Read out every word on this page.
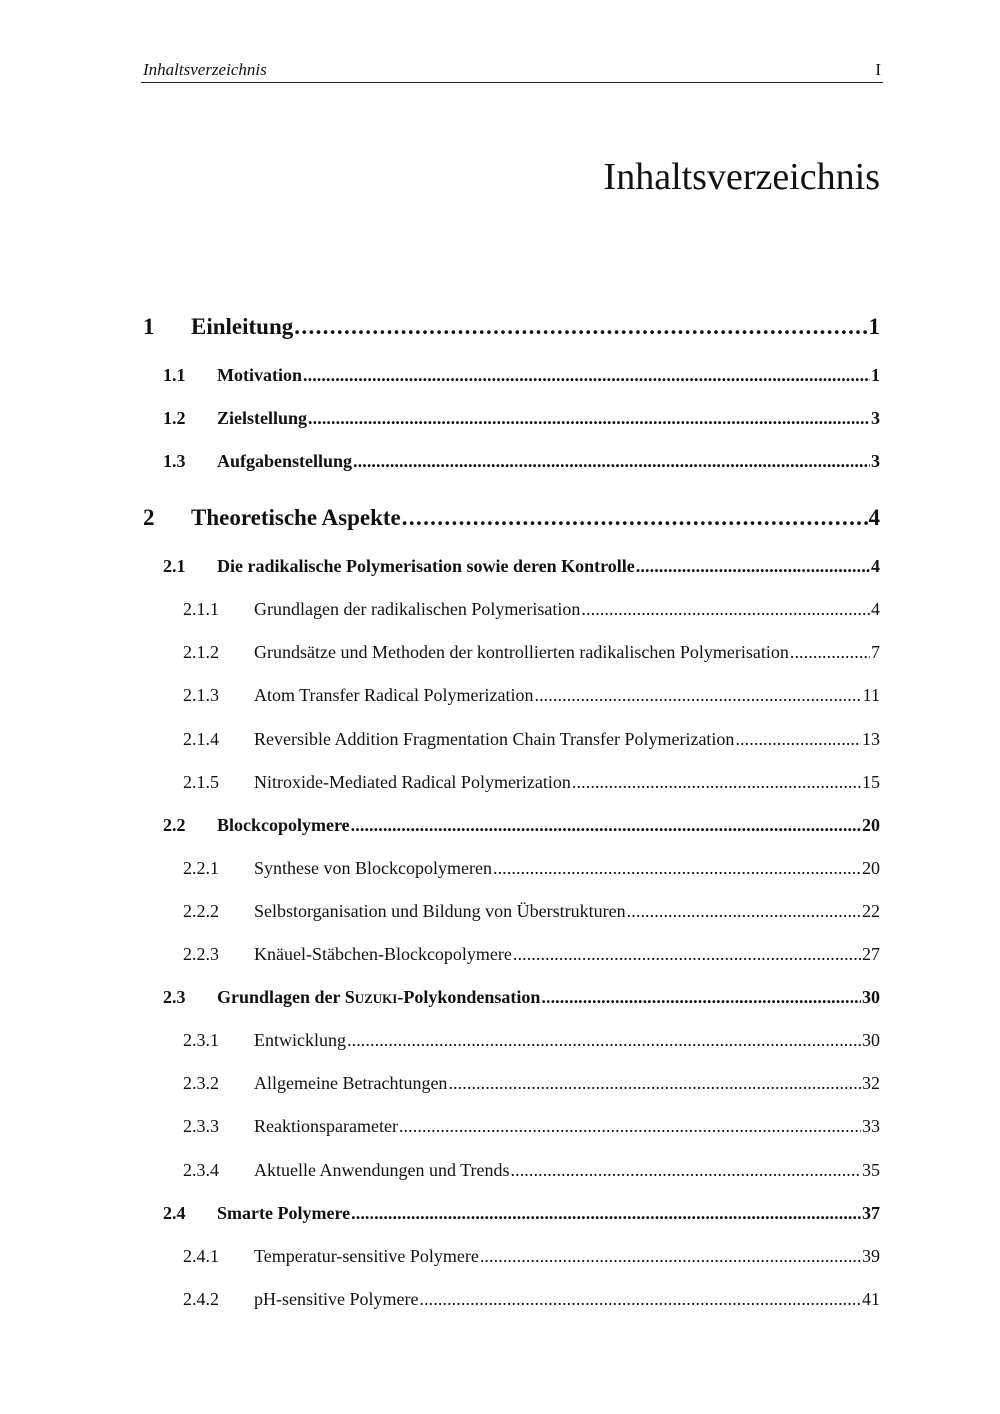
Inhaltsverzeichnis	I
Inhaltsverzeichnis
1	Einleitung . . .	1
1.1	Motivation . . .	1
1.2	Zielstellung . . .	3
1.3	Aufgabenstellung . . .	3
2	Theoretische Aspekte . . .	4
2.1	Die radikalische Polymerisation sowie deren Kontrolle . . .	4
2.1.1	Grundlagen der radikalischen Polymerisation . . .	4
2.1.2	Grundsätze und Methoden der kontrollierten radikalischen Polymerisation . . .	7
2.1.3	Atom Transfer Radical Polymerization . . .	11
2.1.4	Reversible Addition Fragmentation Chain Transfer Polymerization . . .	13
2.1.5	Nitroxide-Mediated Radical Polymerization . . .	15
2.2	Blockcopolymere . . .	20
2.2.1	Synthese von Blockcopolymeren . . .	20
2.2.2	Selbstorganisation und Bildung von Überstrukturen . . .	22
2.2.3	Knäuel-Stäbchen-Blockcopolymere . . .	27
2.3	Grundlagen der Suzuki-Polykondensation . . .	30
2.3.1	Entwicklung . . .	30
2.3.2	Allgemeine Betrachtungen . . .	32
2.3.3	Reaktionsparameter . . .	33
2.3.4	Aktuelle Anwendungen und Trends . . .	35
2.4	Smarte Polymere . . .	37
2.4.1	Temperatur-sensitive Polymere . . .	39
2.4.2	pH-sensitive Polymere . . .	41
